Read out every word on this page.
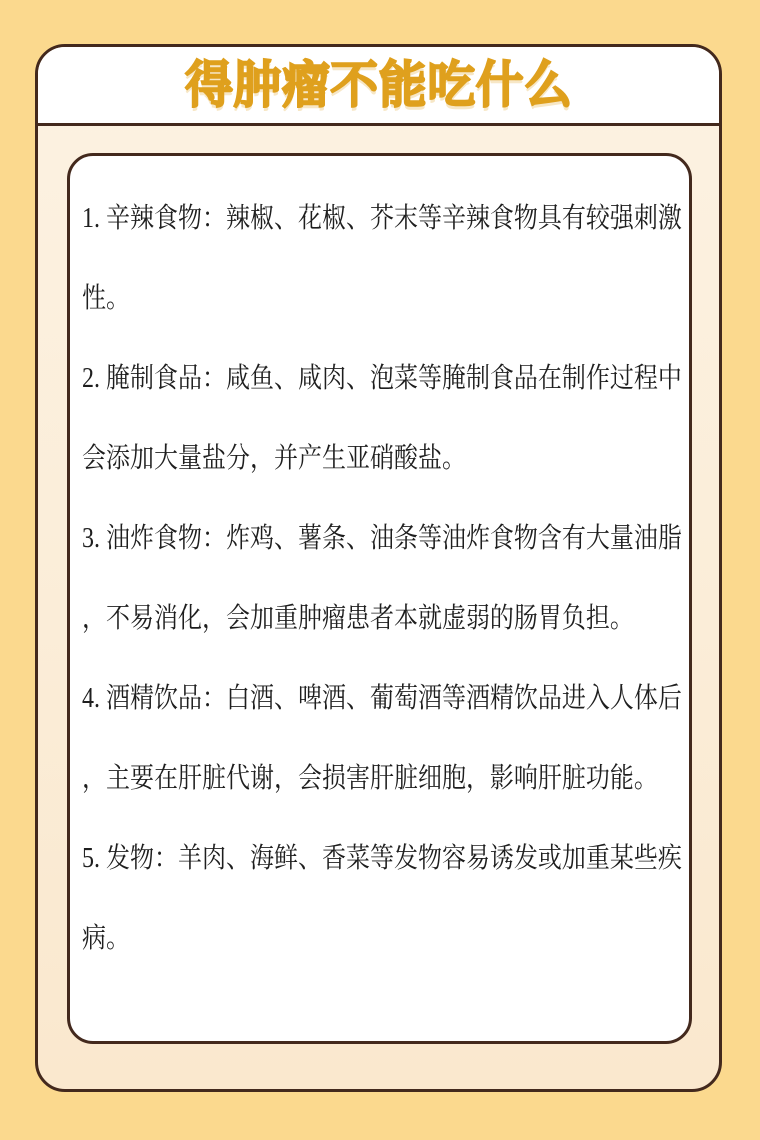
得肿瘤不能吃什么
1. 辛辣食物：辣椒、花椒、芥末等辛辣食物具有较强刺激
性。
2. 腌制食品：咸鱼、咸肉、泡菜等腌制食品在制作过程中
会添加大量盐分，并产生亚硝酸盐。
3. 油炸食物：炸鸡、薯条、油条等油炸食物含有大量油脂
，不易消化，会加重肿瘤患者本就虚弱的肠胃负担。
4. 酒精饮品：白酒、啤酒、葡萄酒等酒精饮品进入人体后
，主要在肝脏代谢，会损害肝脏细胞，影响肝脏功能。
5. 发物：羊肉、海鲜、香菜等发物容易诱发或加重某些疾
病。
